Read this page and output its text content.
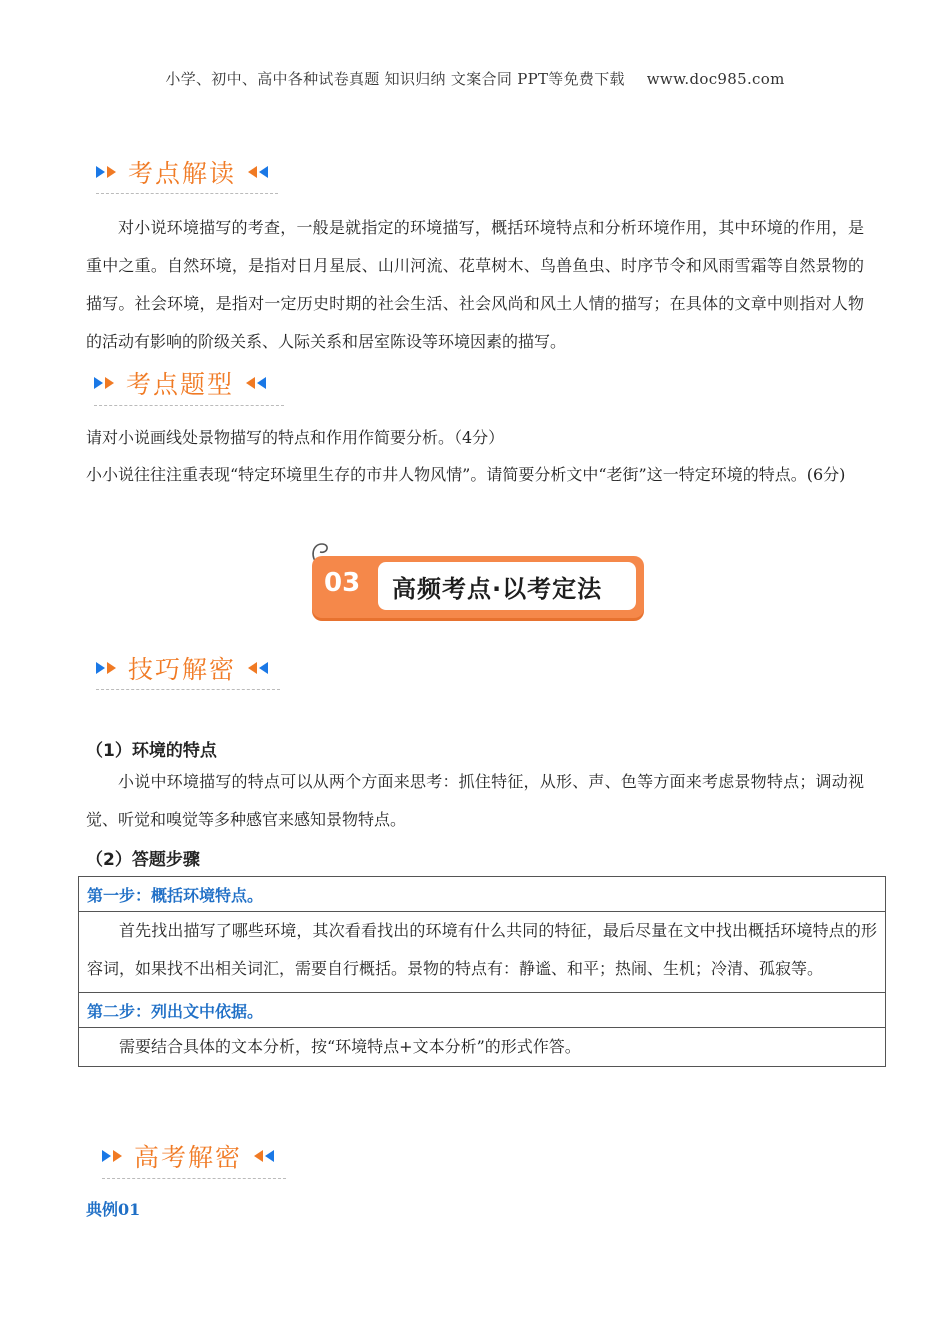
小学、初中、高中各种试卷真题 知识归纳 文案合同 PPT等免费下载 www.doc985.com
考点解读
对小说环境描写的考查，一般是就指定的环境描写，概括环境特点和分析环境作用，其中环境的作用，是重中之重。自然环境，是指对日月星辰、山川河流、花草树木、鸟兽鱼虫、时序节令和风雨雪霜等自然景物的描写。社会环境，是指对一定历史时期的社会生活、社会风尚和风土人情的描写；在具体的文章中则指对人物的活动有影响的阶级关系、人际关系和居室陈设等环境因素的描写。
考点题型
请对小说画线处景物描写的特点和作用作简要分析。（4分）
小小说往往注重表现“特定环境里生存的市井人物风情”。请简要分析文中“老街”这一特定环境的特点。(6分)
03 高频考点·以考定法
技巧解密
（1）环境的特点
小说中环境描写的特点可以从两个方面来思考：抓住特征，从形、声、色等方面来考虑景物特点；调动视觉、听觉和嗅觉等多种感官来感知景物特点。
（2）答题步骤
第一步：概括环境特点。
首先找出描写了哪些环境，其次看看找出的环境有什么共同的特征，最后尽量在文中找出概括环境特点的形容词，如果找不出相关词汇，需要自行概括。景物的特点有：静谧、和平；热闹、生机；冷清、孤寂等。
第二步：列出文中依据。
需要结合具体的文本分析，按“环境特点+文本分析”的形式作答。
高考解密
典例01
